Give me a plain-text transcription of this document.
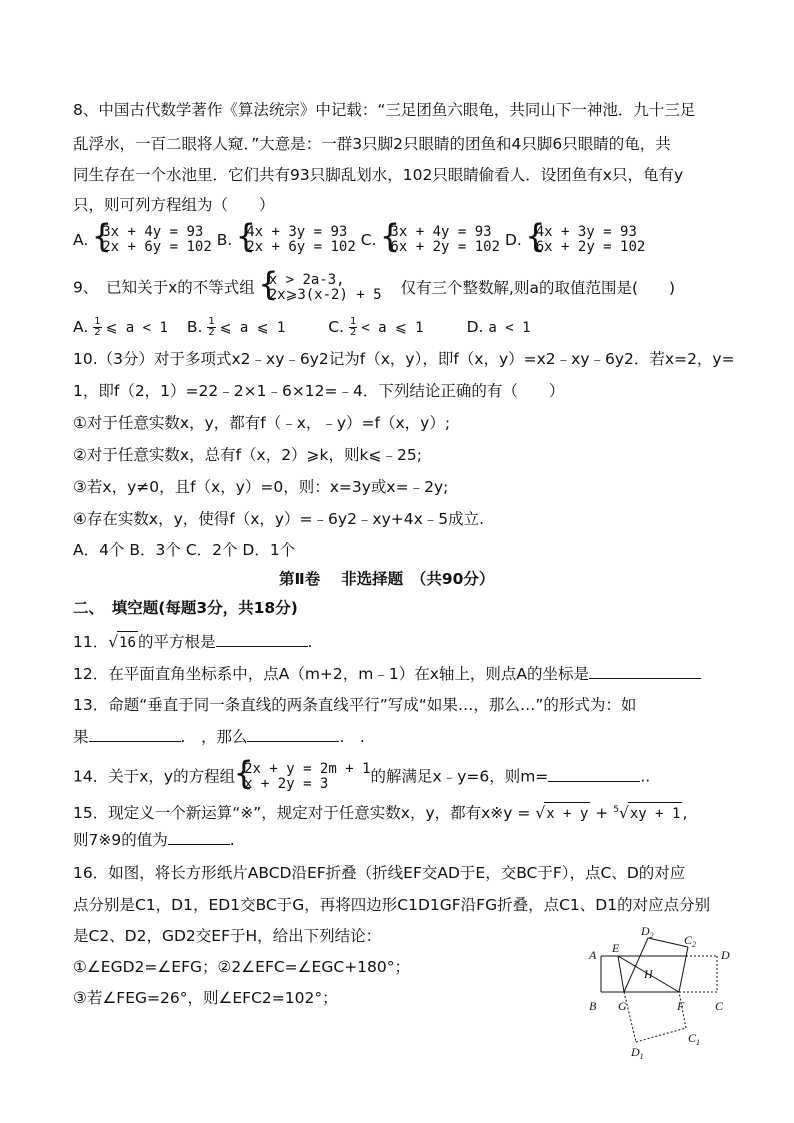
8、中国古代数学著作《算法统宗》中记载：“三足团鱼六眼龟，共同山下一神池．九十三足
乱浮水，一百二眼将人窥．”大意是：一群3只脚2只眼睛的团鱼和4只脚6只眼睛的龟，共
同生存在一个水池里．它们共有93只脚乱划水，102只眼睛偷看人．设团鱼有x只，龟有y
只，则可列方程组为（　　）
A. { 3x + 4y = 93
2x + 6y = 102 B. { 4x + 3y = 93
2x + 6y = 102 C. { 3x + 4y = 93
6x + 2y = 102 D. { 4x + 3y = 93
6x + 2y = 102
9、　已知关于x的不等式组 { x > 2a-3,
2x⩾3(x-2) + 5 仅有三个整数解,则a的取值范围是(　　)
A. $\frac{1}{2}$ ⩽ a < 1 B. $\frac{1}{2}$ ⩽ a ⩽ 1	C. $\frac{1}{2} < a$ ⩽ 1	D. a < 1
10.（3分）对于多项式x2﹣xy﹣6y2记为f（x，y），即f（x，y）=x2﹣xy﹣6y2．若x=2，y=
1，即f（2，1）=22﹣2×1﹣6×12=﹣4．下列结论正确的有（　　）
①对于任意实数x，y，都有f（﹣x，﹣y）=f（x，y）;
②对于任意实数x，总有f（x，2）⩾k，则k⩽﹣25;
③若x，y≠0，且f（x，y）=0，则：x=3y或x=﹣2y;
④存在实数x，y，使得f（x，y）=﹣6y2﹣xy+4x﹣5成立.
A．4个 B．3个 C．2个 D．1个
第Ⅱ卷　 非选择题　（共90分）
二、　填空题(每题3分，共18分)
11．√16 的平方根是	.
12．在平面直角坐标系中，点A（m+2，m﹣1）在x轴上，则点A的坐标是
13．命题“垂直于同一条直线的两条直线平行”写成“如果…，那么…”的形式为：如
果	.　，那么	.　.
14．关于x，y的方程组 { 2x + y = 2m + 1
x + 2y = 3	的解满足x﹣y=6，则m=	..
15．现定义一个新运算“※”，规定对于任意实数x，y，都有x※y = √x + y + $^5$√xy + 1 ,
则7※9的值为	.
16．如图，将长方形纸片ABCD沿EF折叠（折线EF交AD于E，交BC于F），点C、D的对应
点分别是C1，D1，ED1交BC于G，再将四边形C1D1GF沿FG折叠，点C1、D1的对应点分别
是C2、D2，GD2交EF于H，给出下列结论：
①∠EGD2=∠EFG；②2∠EFC=∠EGC+180°；
③若∠FEG=26°，则∠EFC2=102°；
A E
$D_2$	$C_2$
D
H
B G	F	C
$D_1$
$C_1$
